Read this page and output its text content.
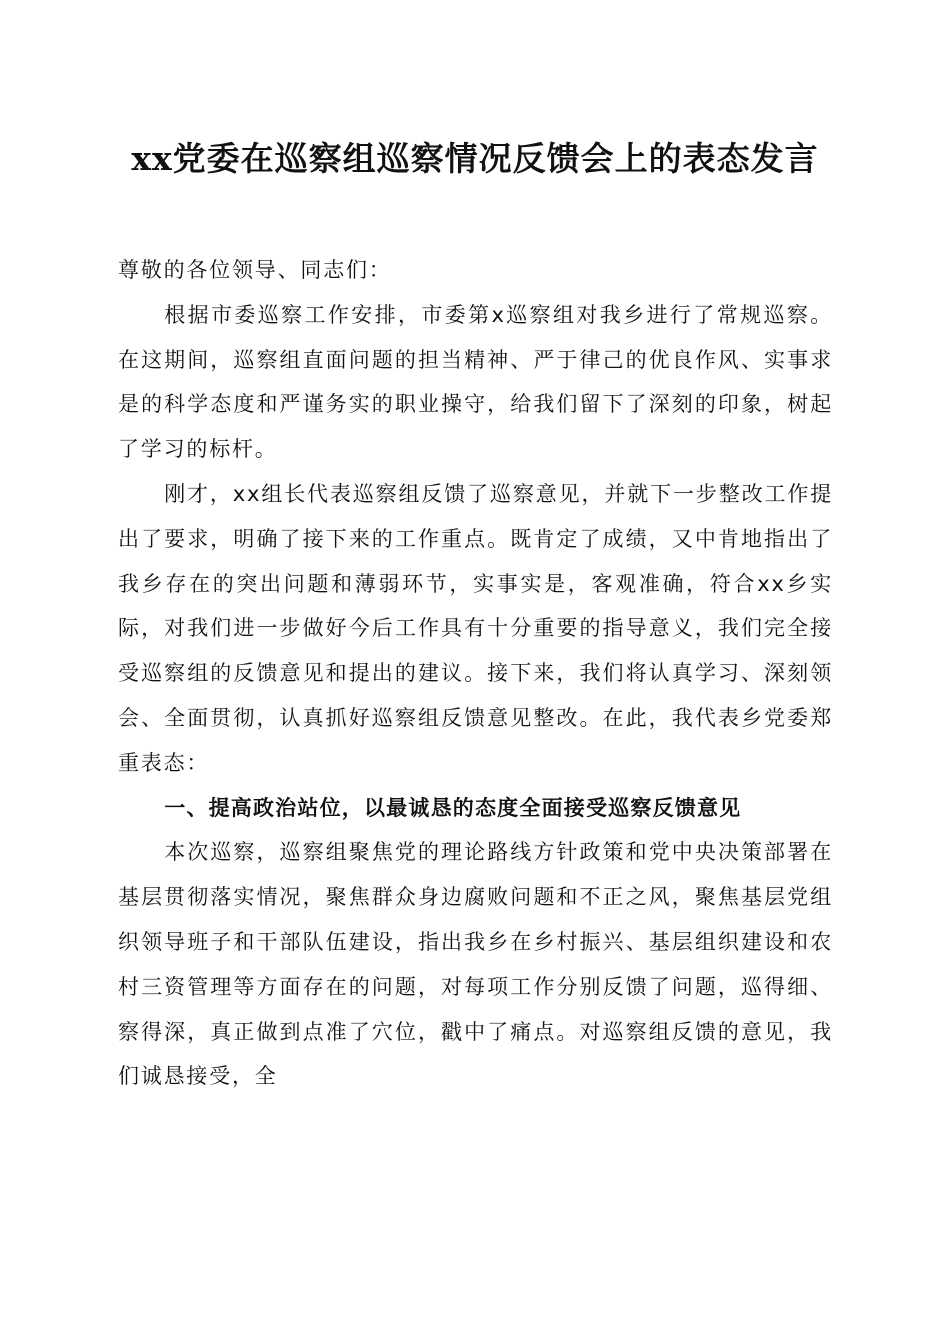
xx党委在巡察组巡察情况反馈会上的表态发言

尊敬的各位领导、同志们：

根据市委巡察工作安排，市委第x巡察组对我乡进行了常规巡察。在这期间，巡察组直面问题的担当精神、严于律己的优良作风、实事求是的科学态度和严谨务实的职业操守，给我们留下了深刻的印象，树起了学习的标杆。

刚才，xx组长代表巡察组反馈了巡察意见，并就下一步整改工作提出了要求，明确了接下来的工作重点。既肯定了成绩，又中肯地指出了我乡存在的突出问题和薄弱环节，实事实是，客观准确，符合xx乡实际，对我们进一步做好今后工作具有十分重要的指导意义，我们完全接受巡察组的反馈意见和提出的建议。接下来，我们将认真学习、深刻领会、全面贯彻，认真抓好巡察组反馈意见整改。在此，我代表乡党委郑重表态：

一、提高政治站位，以最诚恳的态度全面接受巡察反馈意见

本次巡察，巡察组聚焦党的理论路线方针政策和党中央决策部署在基层贯彻落实情况，聚焦群众身边腐败问题和不正之风，聚焦基层党组织领导班子和干部队伍建设，指出我乡在乡村振兴、基层组织建设和农村三资管理等方面存在的问题，对每项工作分别反馈了问题，巡得细、察得深，真正做到点准了穴位，戳中了痛点。对巡察组反馈的意见，我们诚恳接受，全
